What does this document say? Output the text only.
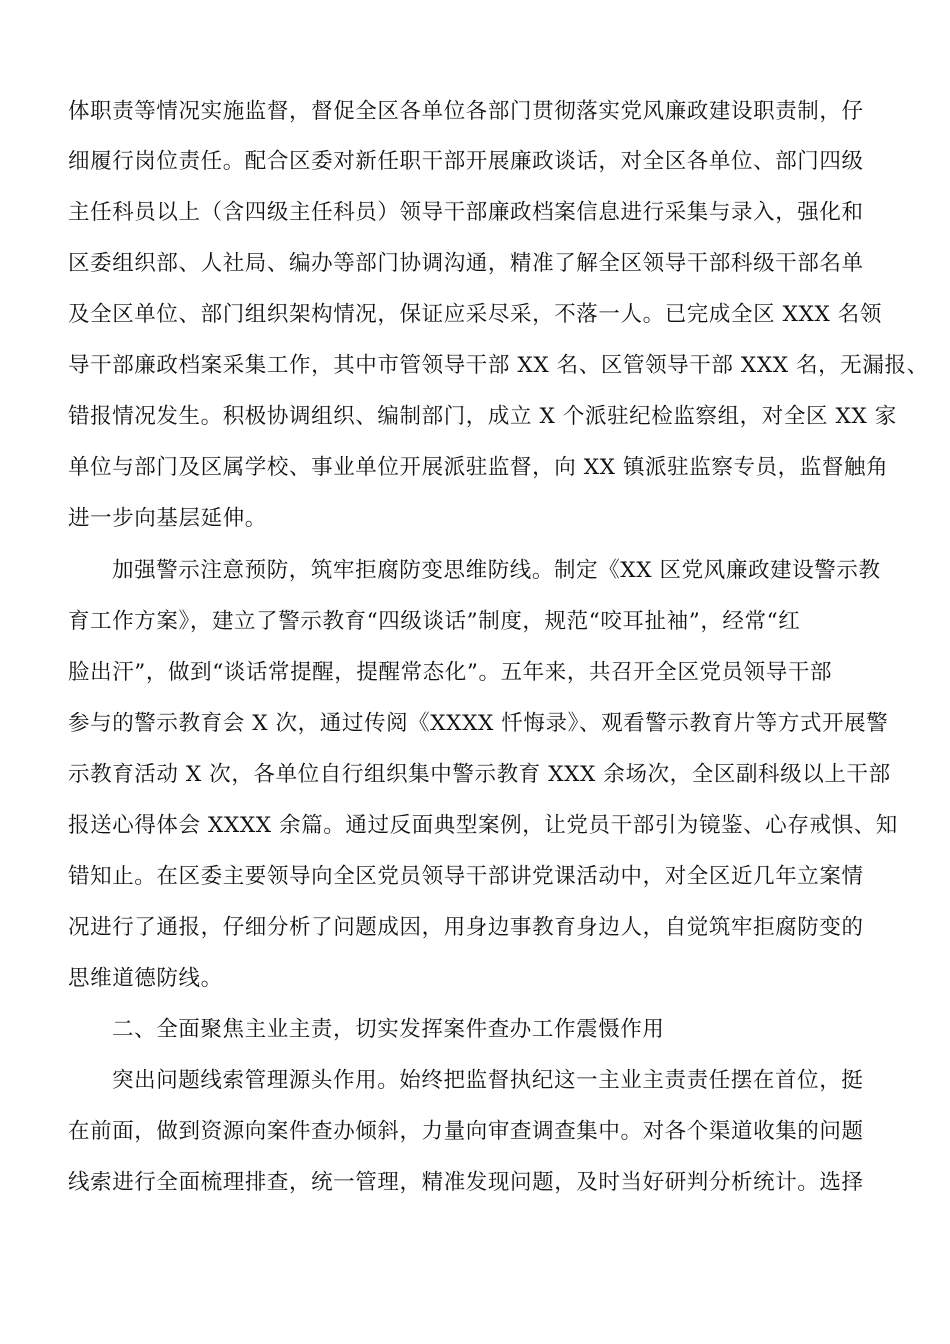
体职责等情况实施监督，督促全区各单位各部门贯彻落实党风廉政建设职责制，仔
细履行岗位责任。配合区委对新任职干部开展廉政谈话，对全区各单位、部门四级
主任科员以上（含四级主任科员）领导干部廉政档案信息进行采集与录入，强化和
区委组织部、人社局、编办等部门协调沟通，精准了解全区领导干部科级干部名单
及全区单位、部门组织架构情况，保证应采尽采，不落一人。已完成全区 XXX 名领
导干部廉政档案采集工作，其中市管领导干部 XX 名、区管领导干部 XXX 名，无漏报、
错报情况发生。积极协调组织、编制部门，成立 X 个派驻纪检监察组，对全区 XX 家
单位与部门及区属学校、事业单位开展派驻监督，向 XX 镇派驻监察专员，监督触角
进一步向基层延伸。
加强警示注意预防，筑牢拒腐防变思维防线。制定《XX 区党风廉政建设警示教
育工作方案》，建立了警示教育“四级谈话”制度，规范“咬耳扯袖”，经常“红
脸出汗”，做到“谈话常提醒，提醒常态化”。五年来，共召开全区党员领导干部
参与的警示教育会 X 次，通过传阅《XXXX 忏悔录》、观看警示教育片等方式开展警
示教育活动 X 次，各单位自行组织集中警示教育 XXX 余场次，全区副科级以上干部
报送心得体会 XXXX 余篇。通过反面典型案例，让党员干部引为镜鉴、心存戒惧、知
错知止。在区委主要领导向全区党员领导干部讲党课活动中，对全区近几年立案情
况进行了通报，仔细分析了问题成因，用身边事教育身边人，自觉筑牢拒腐防变的
思维道德防线。
二、全面聚焦主业主责，切实发挥案件查办工作震慑作用
突出问题线索管理源头作用。始终把监督执纪这一主业主责责任摆在首位，挺
在前面，做到资源向案件查办倾斜，力量向审查调查集中。对各个渠道收集的问题
线索进行全面梳理排查，统一管理，精准发现问题，及时当好研判分析统计。选择
